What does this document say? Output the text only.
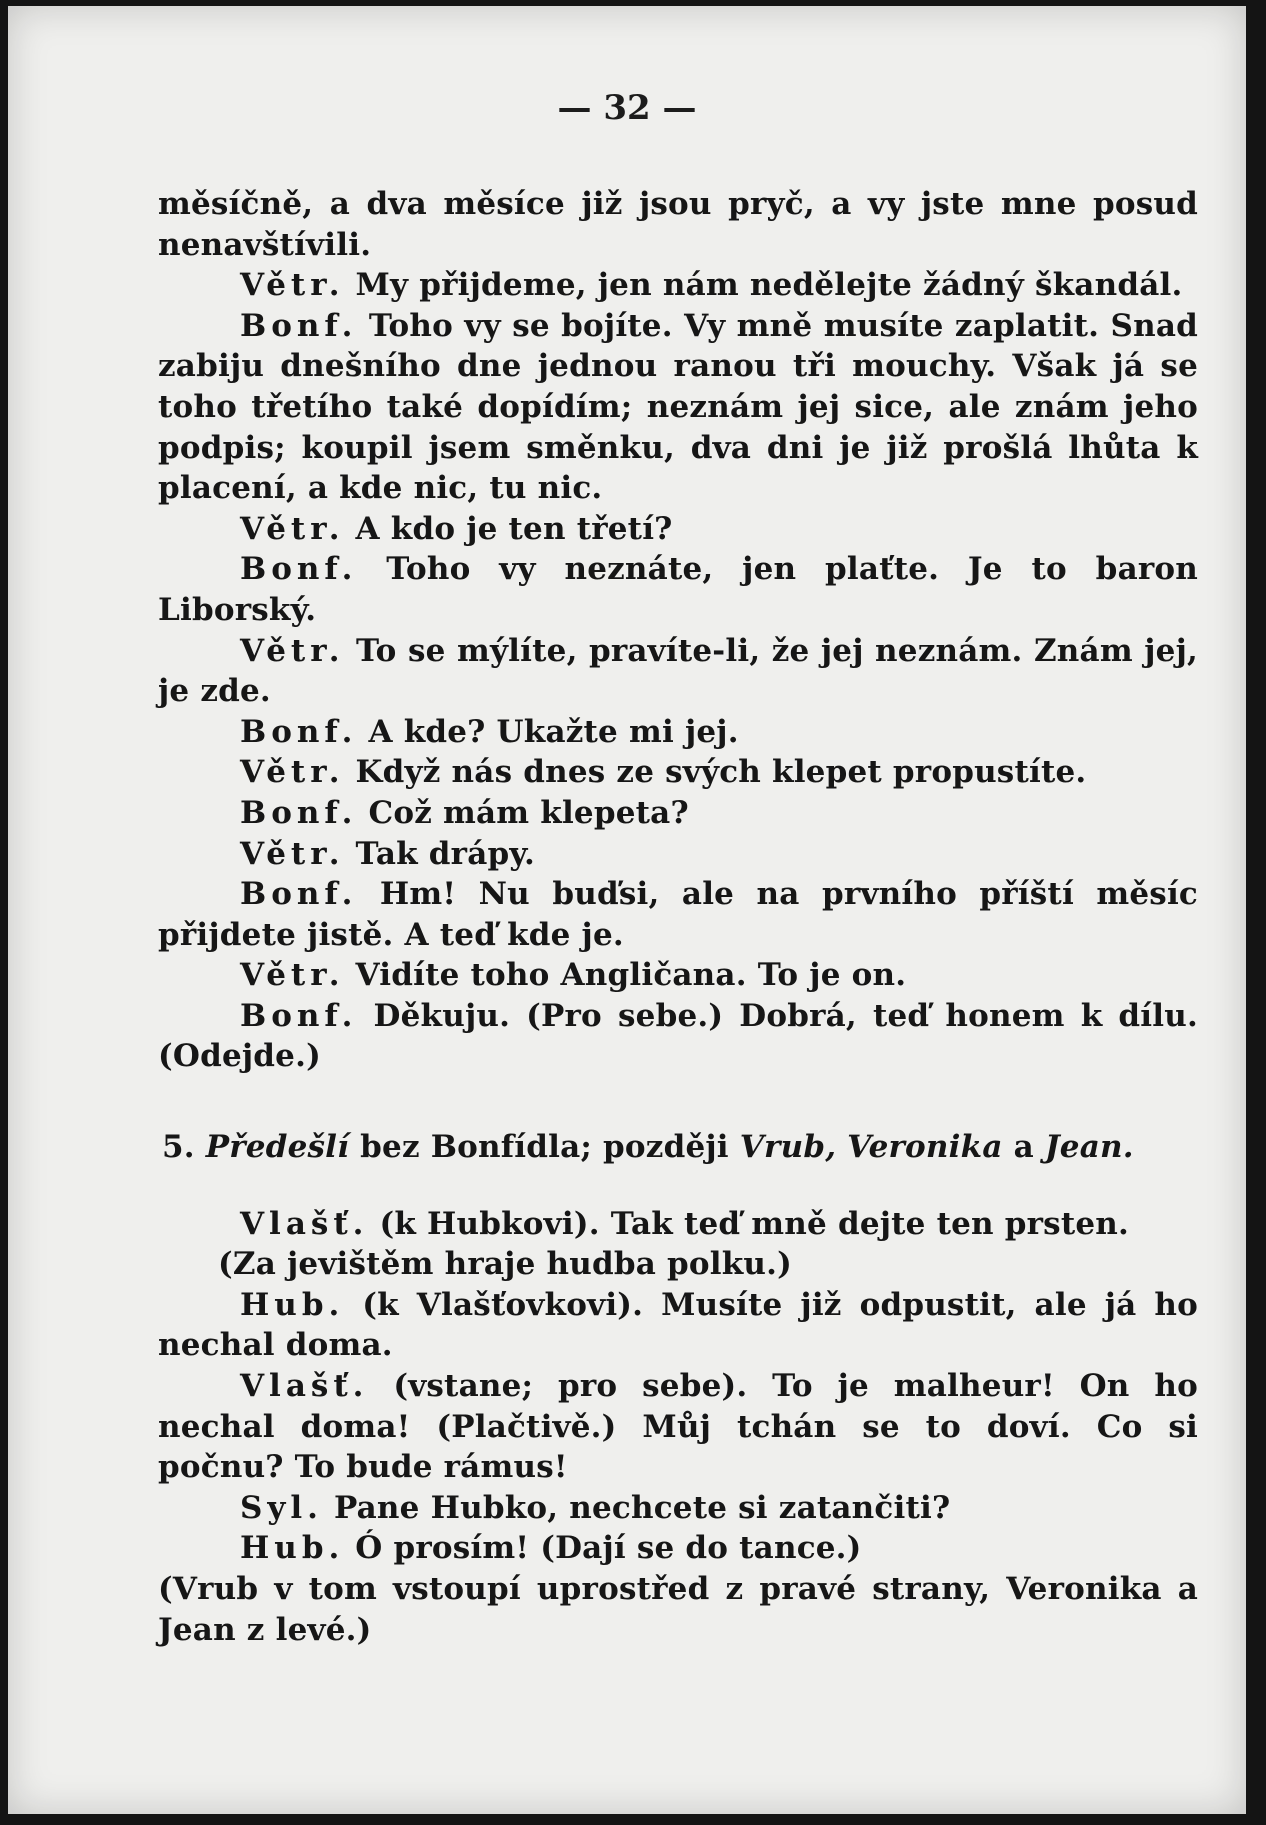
— 32 —

měsíčně, a dva měsíce již jsou pryč, a vy jste mne posud nenavštívili.

Větr. My přijdeme, jen nám nedělejte žádný škandál.

Bonf. Toho vy se bojíte. Vy mně musíte zaplatit. Snad zabiju dnešního dne jednou ranou tři mouchy. Však já se toho třetího také dopídím; neznám jej sice, ale znám jeho podpis; koupil jsem směnku, dva dni je již prošlá lhůta k placení, a kde nic, tu nic.

Větr. A kdo je ten třetí?

Bonf. Toho vy neznáte, jen plaťte. Je to baron Liborský.

Větr. To se mýlíte, pravíte-li, že jej neznám. Znám jej, je zde.

Bonf. A kde? Ukažte mi jej.

Větr. Když nás dnes ze svých klepet propustíte.

Bonf. Což mám klepeta?

Větr. Tak drápy.

Bonf. Hm! Nu buďsi, ale na prvního příští měsíc přijdete jistě. A teď kde je.

Větr. Vidíte toho Angličana. To je on.

Bonf. Děkuju. (Pro sebe.) Dobrá, teď honem k dílu. (Odejde.)

5. Předešlí bez Bonfídla; později Vrub, Veronika a Jean.

Vlašť. (k Hubkovi). Tak teď mně dejte ten prsten.

(Za jevištěm hraje hudba polku.)

Hub. (k Vlašťovkovi). Musíte již odpustit, ale já ho nechal doma.

Vlašť. (vstane; pro sebe). To je malheur! On ho nechal doma! (Plačtivě.) Můj tchán se to doví. Co si počnu? To bude rámus!

Syl. Pane Hubko, nechcete si zatančiti?

Hub. Ó prosím! (Dají se do tance.)

(Vrub v tom vstoupí uprostřed z pravé strany, Veronika a Jean z levé.)
